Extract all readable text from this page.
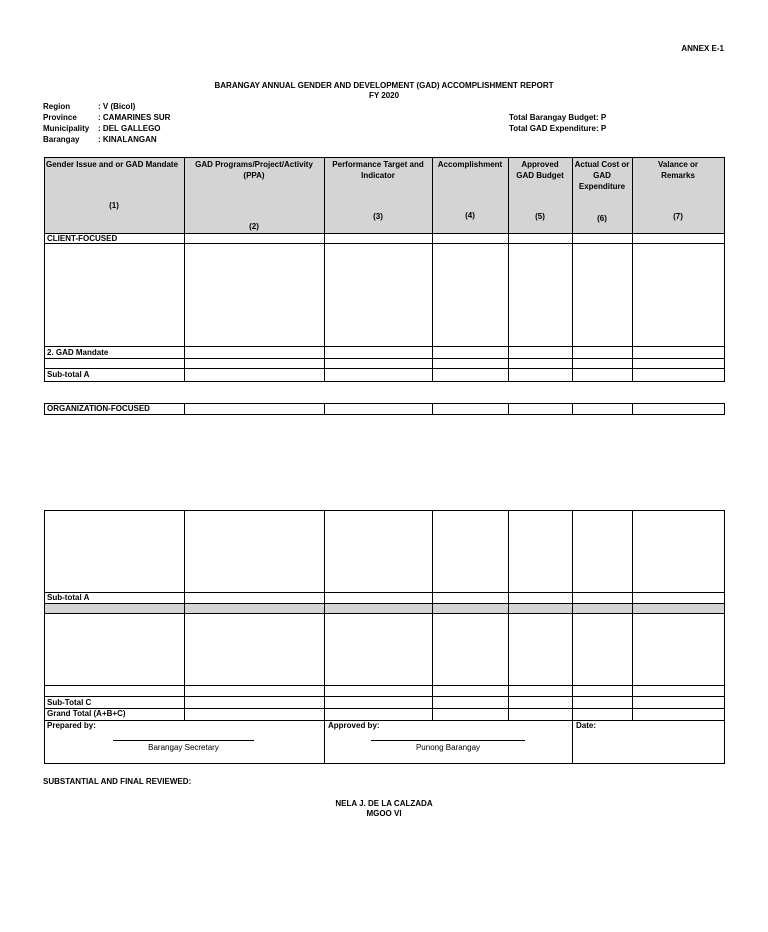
ANNEX E-1
BARANGAY ANNUAL GENDER AND DEVELOPMENT (GAD) ACCOMPLISHMENT REPORT
FY 2020
Region	: V (Bicol)
Province	: CAMARINES SUR
Municipality : DEL GALLEGO
Barangay : KINALANGAN
Total Barangay Budget: P
Total GAD Expenditure: P
Gender Issue and or GAD Mandate
(1)
GAD Programs/Project/Activity (PPA)
(2)
Performance Target and Indicator
(3)
Accomplishment
(4)
Approved GAD Budget
(5)
Actual Cost or GAD Expenditure
(6)
Valance or Remarks
(7)
CLIENT-FOCUSED
2. GAD Mandate
Sub-total A
ORGANIZATION-FOCUSED
Sub-total A
Sub-Total C
Grand Total (A+B+C)
Prepared by:
Barangay Secretary
Approved by:
Punong Barangay
Date:
SUBSTANTIAL AND FINAL REVIEWED:
NELA J. DE LA CALZADA
MGOO VI
